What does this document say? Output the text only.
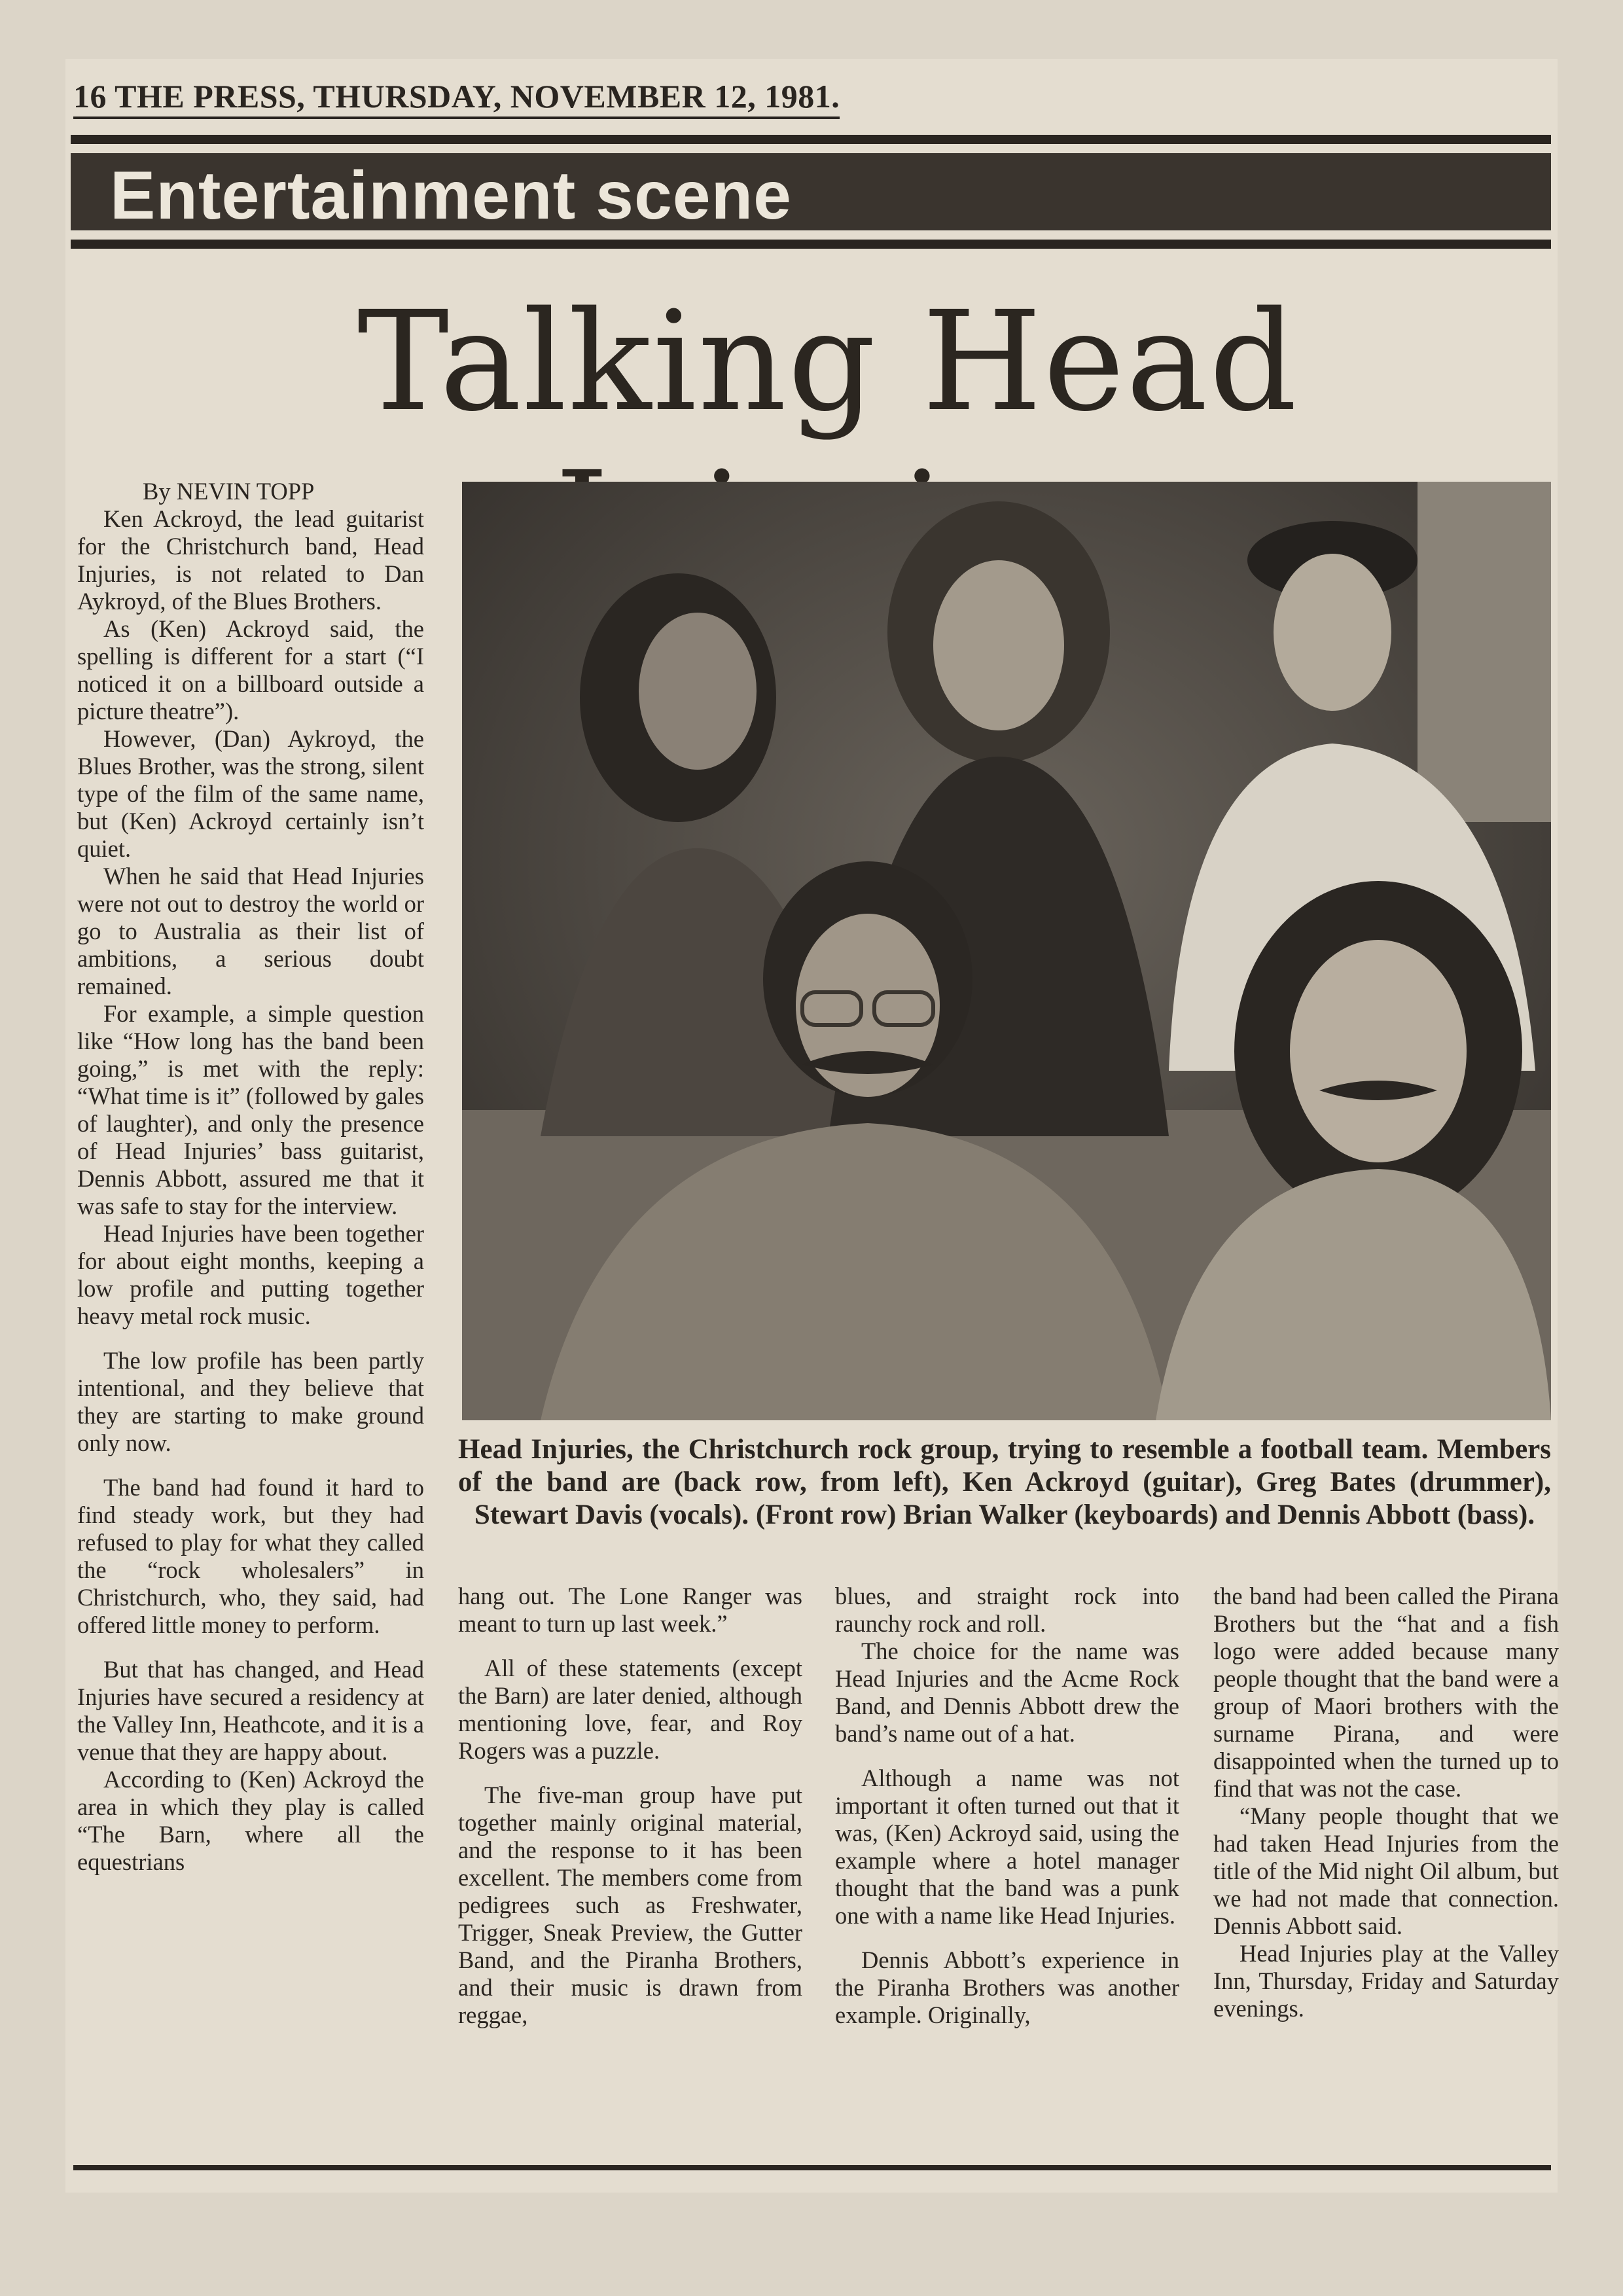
16 THE PRESS, THURSDAY, NOVEMBER 12, 1981.
Entertainment scene
Talking Head

By NEVIN TOPP

Ken Ackroyd, the lead guitarist for the Christchurch band, Head Injuries, is not related to Dan Aykroyd, of the Blues Brothers.

As (Ken) Ackroyd said, the spelling is different for a start (“I noticed it on a billboard outside a picture theatre”).

However, (Dan) Aykroyd, the Blues Brother, was the strong, silent type of the film of the same name, but (Ken) Ackroyd certainly isn’t quiet.

When he said that Head Injuries were not out to destroy the world or go to Australia as their list of ambitions, a serious doubt remained.

For example, a simple question like “How long has the band been going,” is met with the reply: “What time is it” (followed by gales of laughter), and only the presence of Head Injuries’ bass guitarist, Dennis Abbott, assured me that it was safe to stay for the interview.

Head Injuries have been together for about eight months, keeping a low profile and putting together heavy metal rock music.

The low profile has been partly intentional, and they believe that they are starting to make ground only now.

The band had found it hard to find steady work, but they had refused to play for what they called the “rock wholesalers” in Christchurch, who, they said, had offered little money to perform.

But that has changed, and Head Injuries have secured a residency at the Valley Inn, Heathcote, and it is a venue that they are happy about.

According to (Ken) Ackroyd the area in which they play is called “The Barn, where all the equestrians

Head Injuries, the Christchurch rock group, trying to resemble a football team. Members of the band are (back row, from left), Ken Ackroyd (guitar), Greg Bates (drummer), Stewart Davis (vocals). (Front row) Brian Walker (keyboards) and Dennis Abbott (bass).

hang out. The Lone Ranger was meant to turn up last week.”

All of these statements (except the Barn) are later denied, although mentioning love, fear, and Roy Rogers was a puzzle.

The five-man group have put together mainly original material, and the response to it has been excellent. The members come from pedigrees such as Freshwater, Trigger, Sneak Preview, the Gutter Band, and the Piranha Brothers, and their music is drawn from reggae,

blues, and straight rock into raunchy rock and roll.

The choice for the name was Head Injuries and the Acme Rock Band, and Dennis Abbott drew the band’s name out of a hat.

Although a name was not important it often turned out that it was, (Ken) Ackroyd said, using the example where a hotel manager thought that the band was a punk one with a name like Head Injuries.

Dennis Abbott’s experience in the Piranha Brothers was another example. Originally,

the band had been called the Pirana Brothers but the “hat and a fish logo were added because many people thought that the band were a group of Maori brothers with the surname Pirana, and were disappointed when the turned up to find that was not the case.

“Many people thought that we had taken Head Injuries from the title of the Mid night Oil album, but we had not made that connection. Dennis Abbott said.

Head Injuries play at the Valley Inn, Thursday, Friday and Saturday evenings.
